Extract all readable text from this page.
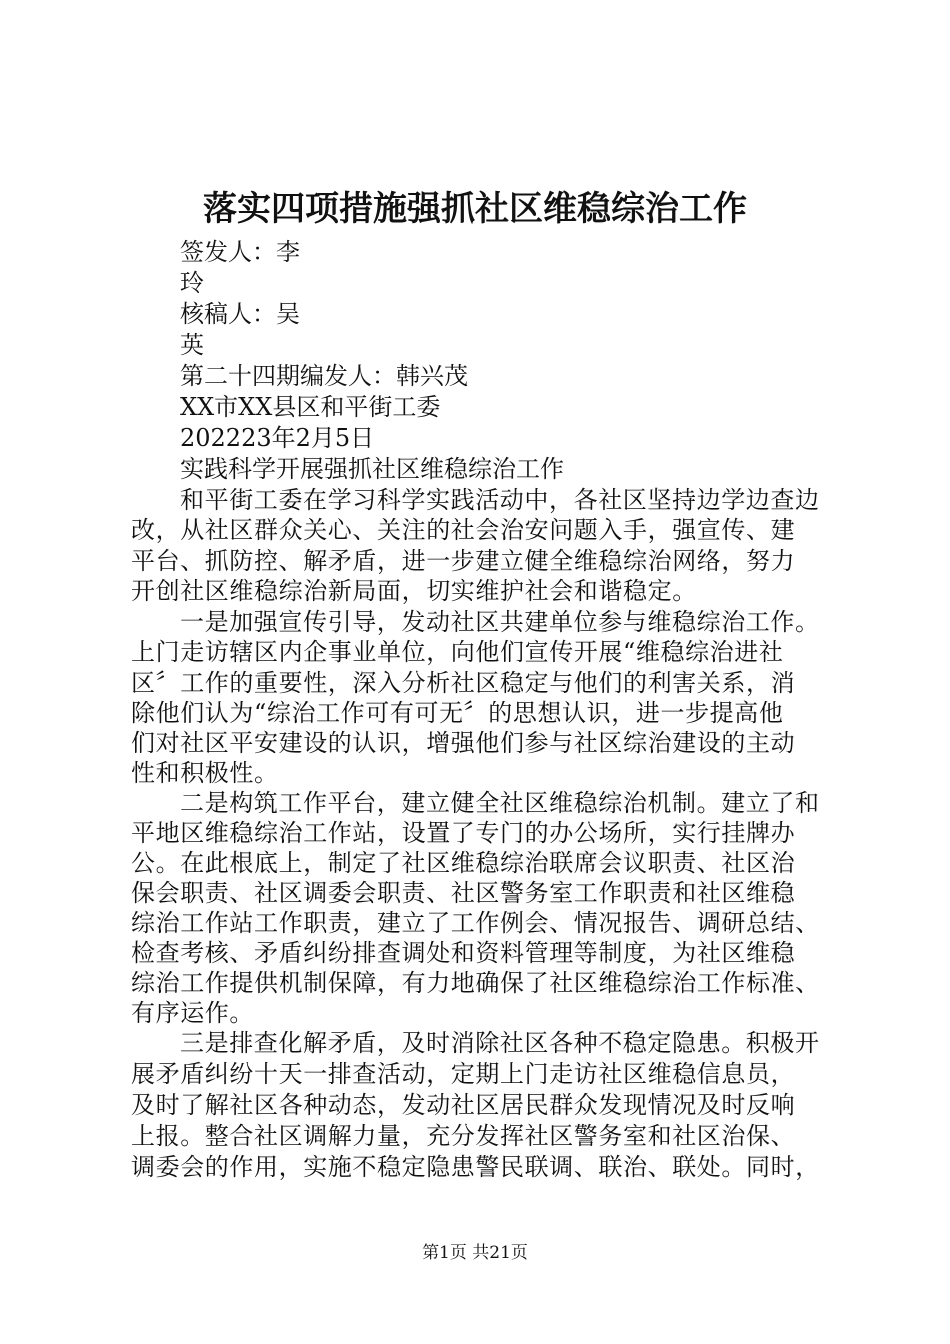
落实四项措施强抓社区维稳综治工作
签发人：李
玲
核稿人：吴
英
第二十四期编发人：韩兴茂
XX市XX县区和平街工委
202223年2月5日
实践科学开展强抓社区维稳综治工作
和平街工委在学习科学实践活动中，各社区坚持边学边查边
改，从社区群众关心、关注的社会治安问题入手，强宣传、建
平台、抓防控、解矛盾，进一步建立健全维稳综治网络，努力
开创社区维稳综治新局面，切实维护社会和谐稳定。
一是加强宣传引导，发动社区共建单位参与维稳综治工作。
上门走访辖区内企事业单位，向他们宣传开展“维稳综治进社
区〞工作的重要性，深入分析社区稳定与他们的利害关系，消
除他们认为“综治工作可有可无〞的思想认识，进一步提高他
们对社区平安建设的认识，增强他们参与社区综治建设的主动
性和积极性。
二是构筑工作平台，建立健全社区维稳综治机制。建立了和
平地区维稳综治工作站，设置了专门的办公场所，实行挂牌办
公。在此根底上，制定了社区维稳综治联席会议职责、社区治
保会职责、社区调委会职责、社区警务室工作职责和社区维稳
综治工作站工作职责，建立了工作例会、情况报告、调研总结、
检查考核、矛盾纠纷排查调处和资料管理等制度，为社区维稳
综治工作提供机制保障，有力地确保了社区维稳综治工作标准、
有序运作。
三是排查化解矛盾，及时消除社区各种不稳定隐患。积极开
展矛盾纠纷十天一排查活动，定期上门走访社区维稳信息员，
及时了解社区各种动态，发动社区居民群众发现情况及时反响
上报。整合社区调解力量，充分发挥社区警务室和社区治保、
调委会的作用，实施不稳定隐患警民联调、联治、联处。同时，
第1页 共21页
